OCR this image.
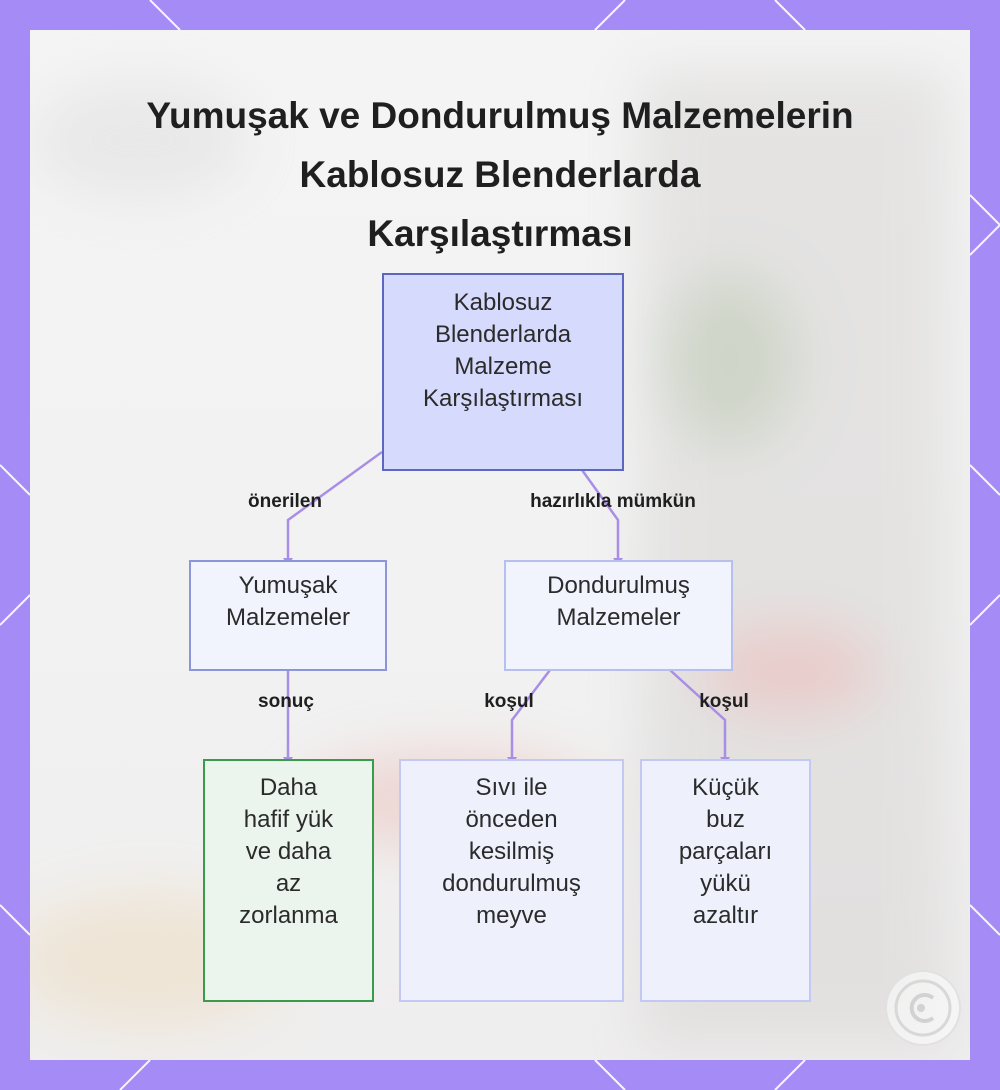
Yumuşak ve Dondurulmuş Malzemelerin
Kablosuz Blenderlarda
Karşılaştırması
Kablosuz
Blenderlarda
Malzeme
Karşılaştırması
Yumuşak
Malzemeler
Dondurulmuş
Malzemeler
Daha
hafif yük
ve daha
az
zorlanma
Sıvı ile
önceden
kesilmiş
dondurulmuş
meyve
Küçük
buz
parçaları
yükü
azaltır
önerilen	hazırlıkla mümkün
sonuç	koşul	koşul
